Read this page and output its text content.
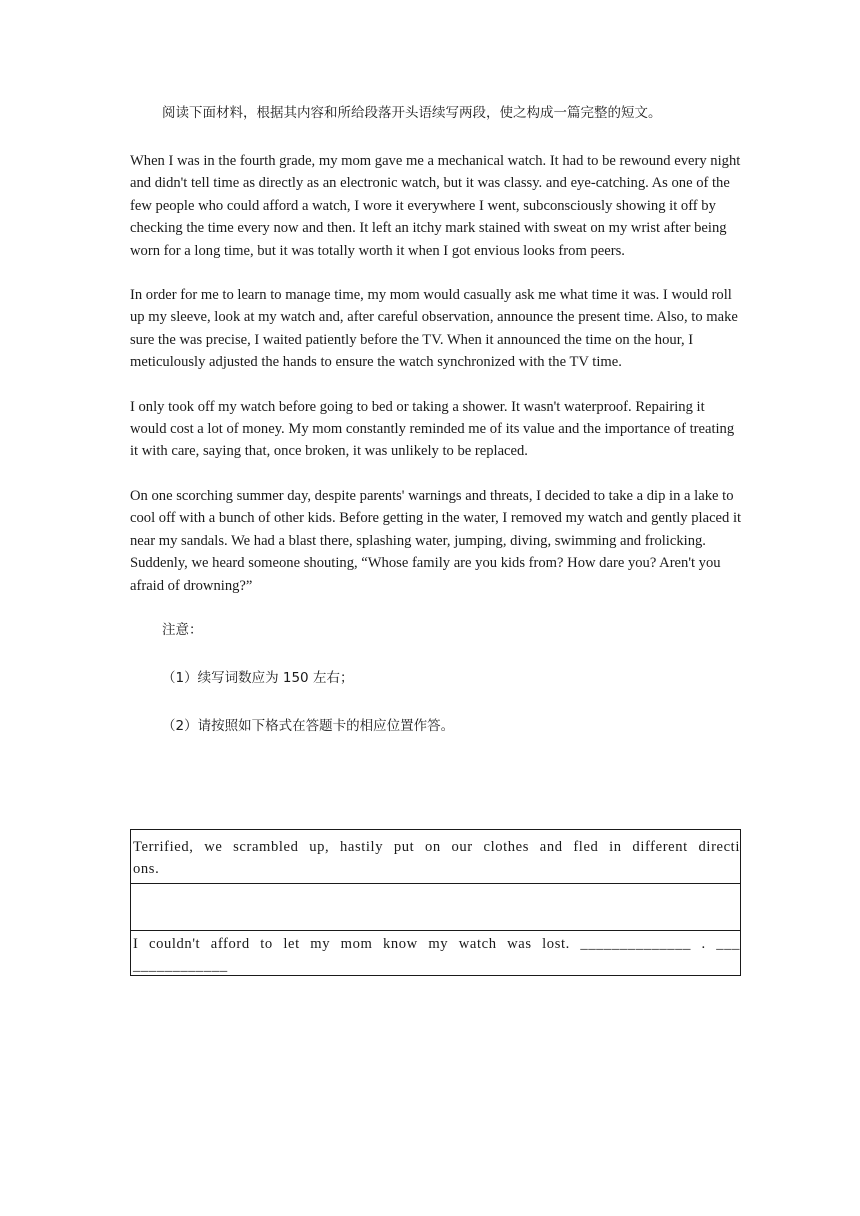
阅读下面材料，根据其内容和所给段落开头语续写两段，使之构成一篇完整的短文。

When I was in the fourth grade, my mom gave me a mechanical watch. It had to be rewound every night and didn't tell time as directly as an electronic watch, but it was classy. and eye-catching. As one of the few people who could afford a watch, I wore it everywhere I went, subconsciously showing it off by checking the time every now and then. It left an itchy mark stained with sweat on my wrist after being worn for a long time, but it was totally worth it when I got envious looks from peers.

In order for me to learn to manage time, my mom would casually ask me what time it was. I would roll up my sleeve, look at my watch and, after careful observation, announce the present time. Also, to make sure the was precise, I waited patiently before the TV. When it announced the time on the hour, I meticulously adjusted the hands to ensure the watch synchronized with the TV time.

I only took off my watch before going to bed or taking a shower. It wasn't waterproof. Repairing it would cost a lot of money. My mom constantly reminded me of its value and the importance of treating it with care, saying that, once broken, it was unlikely to be replaced.

On one scorching summer day, despite parents' warnings and threats, I decided to take a dip in a lake to cool off with a bunch of other kids. Before getting in the water, I removed my watch and gently placed it near my sandals. We had a blast there, splashing water, jumping, diving, swimming and frolicking. Suddenly, we heard someone shouting, “Whose family are you kids from? How dare you? Aren't you afraid of drowning?”

注意：

（1）续写词数应为 150 左右；

（2）请按照如下格式在答题卡的相应位置作答。

Terrified, we scrambled up, hastily put on our clothes and fled in different directions.
I couldn't afford to let my mom know my watch was lost. ______________ . _______________
